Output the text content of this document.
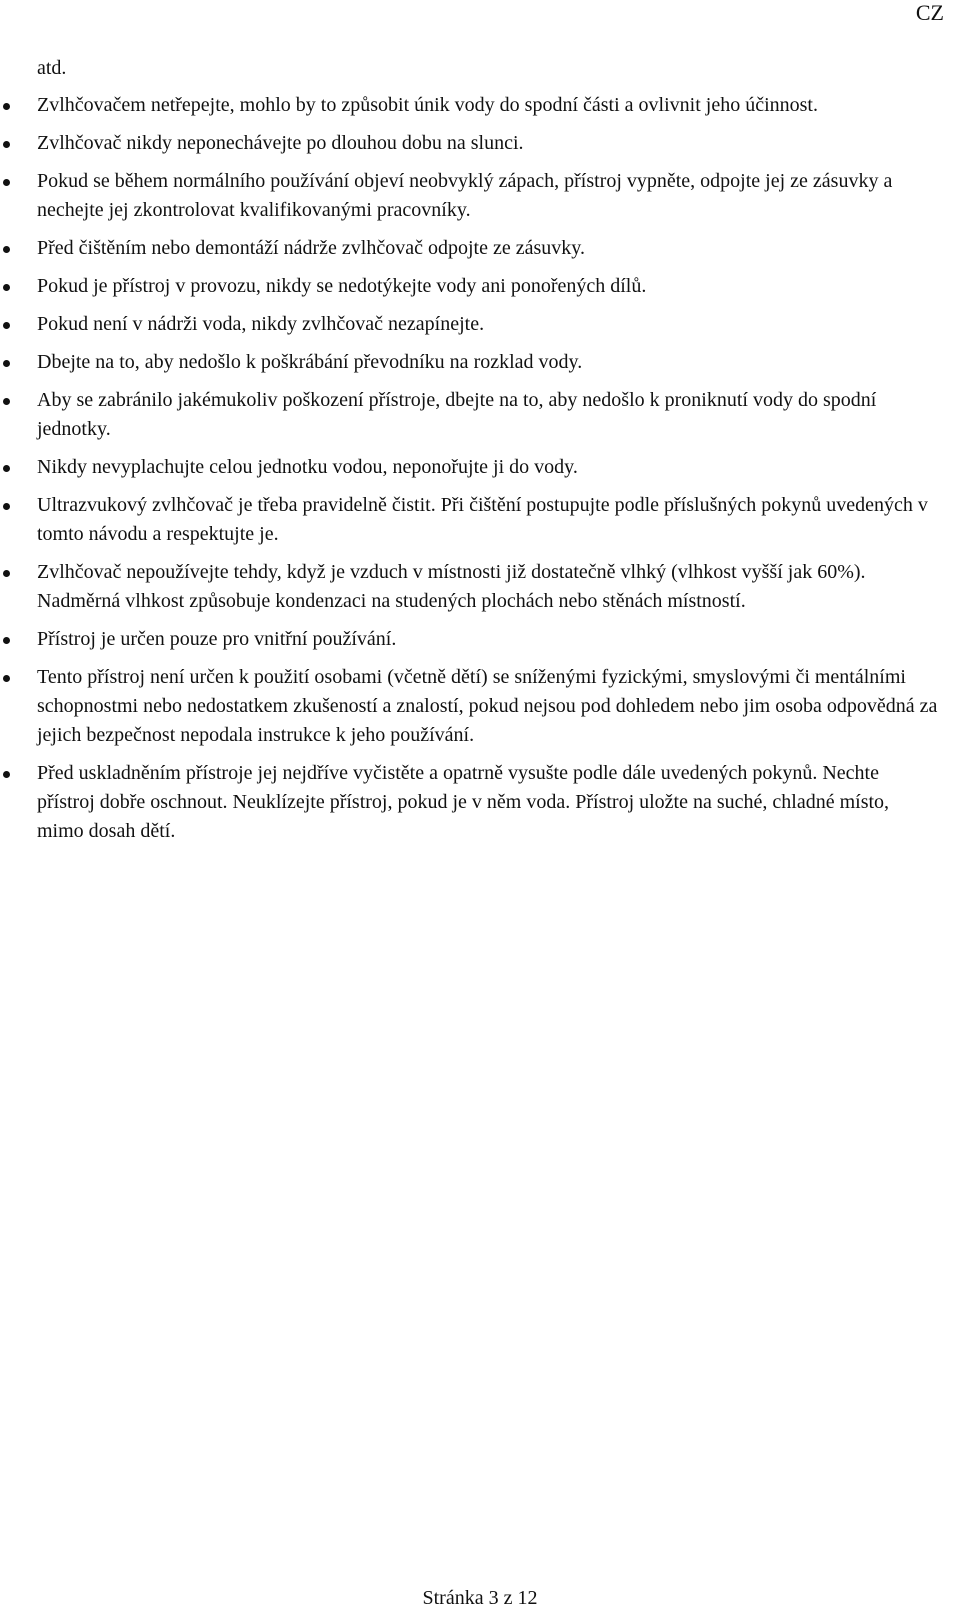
CZ

atd.

Zvlhčovačem netřepejte, mohlo by to způsobit únik vody do spodní části a ovlivnit jeho účinnost.
Zvlhčovač nikdy neponechávejte po dlouhou dobu na slunci.
Pokud se během normálního používání objeví neobvyklý zápach, přístroj vypněte, odpojte jej ze zásuvky a nechejte jej zkontrolovat kvalifikovanými pracovníky.
Před čištěním nebo demontáží nádrže zvlhčovač odpojte ze zásuvky.
Pokud je přístroj v provozu, nikdy se nedotýkejte vody ani ponořených dílů.
Pokud není v nádrži voda, nikdy zvlhčovač nezapínejte.
Dbejte na to, aby nedošlo k poškrábání převodníku na rozklad vody.
Aby se zabránilo jakémukoliv poškození přístroje, dbejte na to, aby nedošlo k proniknutí vody do spodní jednotky.
Nikdy nevyplachujte celou jednotku vodou, neponořujte ji do vody.
Ultrazvukový zvlhčovač je třeba pravidelně čistit. Při čištění postupujte podle příslušných pokynů uvedených v tomto návodu a respektujte je.
Zvlhčovač nepoužívejte tehdy, když je vzduch v místnosti již dostatečně vlhký (vlhkost vyšší jak 60%). Nadměrná vlhkost způsobuje kondenzaci na studených plochách nebo stěnách místností.
Přístroj je určen pouze pro vnitřní používání.
Tento přístroj není určen k použití osobami (včetně dětí) se sníženými fyzickými, smyslovými či mentálními schopnostmi nebo nedostatkem zkušeností a znalostí, pokud nejsou pod dohledem nebo jim osoba odpovědná za jejich bezpečnost nepodala instrukce k jeho používání.
Před uskladněním přístroje jej nejdříve vyčistěte a opatrně vysušte podle dále uvedených pokynů. Nechte přístroj dobře oschnout. Neuklízejte přístroj, pokud je v něm voda. Přístroj uložte na suché, chladné místo, mimo dosah dětí.
Stránka 3 z 12
